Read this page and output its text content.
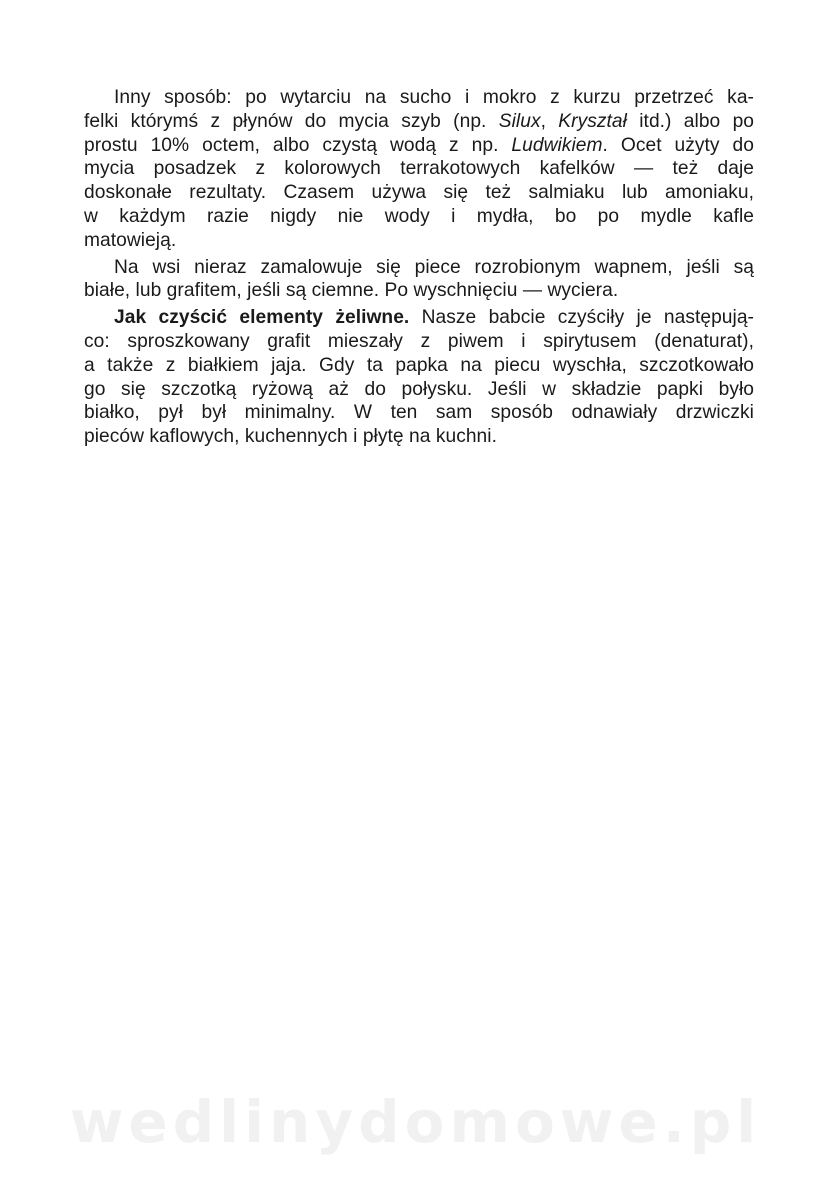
Inny sposób: po wytarciu na sucho i mokro z kurzu przetrzeć ka-
felki którymś z płynów do mycia szyb (np. Silux, Kryształ itd.) albo po
prostu 10% octem, albo czystą wodą z np. Ludwikiem. Ocet użyty do
mycia posadzek z kolorowych terrakotowych kafelków — też daje
doskonałe rezultaty. Czasem używa się też salmiaku lub amoniaku,
w każdym razie nigdy nie wody i mydła, bo po mydle kafle
matowieją.
Na wsi nieraz zamalowuje się piece rozrobionym wapnem, jeśli są
białe, lub grafitem, jeśli są ciemne. Po wyschnięciu — wyciera.
Jak czyścić elementy żeliwne. Nasze babcie czyściły je następują-
co: sproszkowany grafit mieszały z piwem i spirytusem (denaturat),
a także z białkiem jaja. Gdy ta papka na piecu wyschła, szczotkowało
go się szczotką ryżową aż do połysku. Jeśli w składzie papki było
białko, pył był minimalny. W ten sam sposób odnawiały drzwiczki
pieców kaflowych, kuchennych i płytę na kuchni.
wedlinydomowe.pl
